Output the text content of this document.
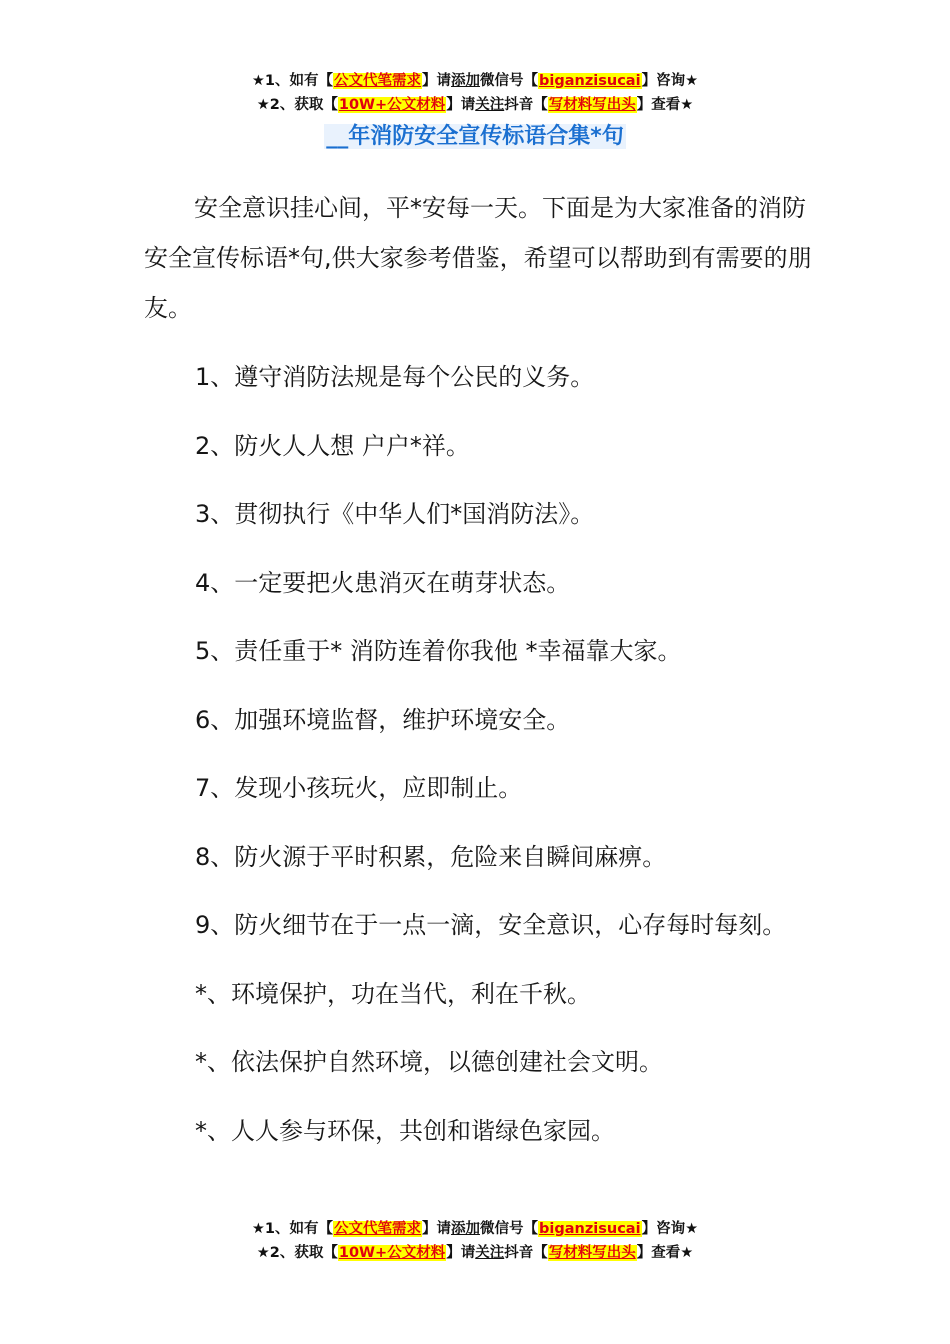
★1、如有【公文代笔需求】请添加微信号【biganzisucai】咨询★
★2、获取【10W+公文材料】请关注抖音【写材料写出头】查看★
__年消防安全宣传标语合集*句

安全意识挂心间，平*安每一天。下面是为大家准备的消防安全宣传标语*句,供大家参考借鉴，希望可以帮助到有需要的朋友。

1、遵守消防法规是每个公民的义务。
2、防火人人想 户户*祥。
3、贯彻执行《中华人们*国消防法》。
4、一定要把火患消灭在萌芽状态。
5、责任重于* 消防连着你我他 *幸福靠大家。
6、加强环境监督，维护环境安全。
7、发现小孩玩火，应即制止。
8、防火源于平时积累，危险来自瞬间麻痹。
9、防火细节在于一点一滴，安全意识，心存每时每刻。
*、环境保护，功在当代，利在千秋。
*、依法保护自然环境，以德创建社会文明。
*、人人参与环保，共创和谐绿色家园。
★1、如有【公文代笔需求】请添加微信号【biganzisucai】咨询★
★2、获取【10W+公文材料】请关注抖音【写材料写出头】查看★
